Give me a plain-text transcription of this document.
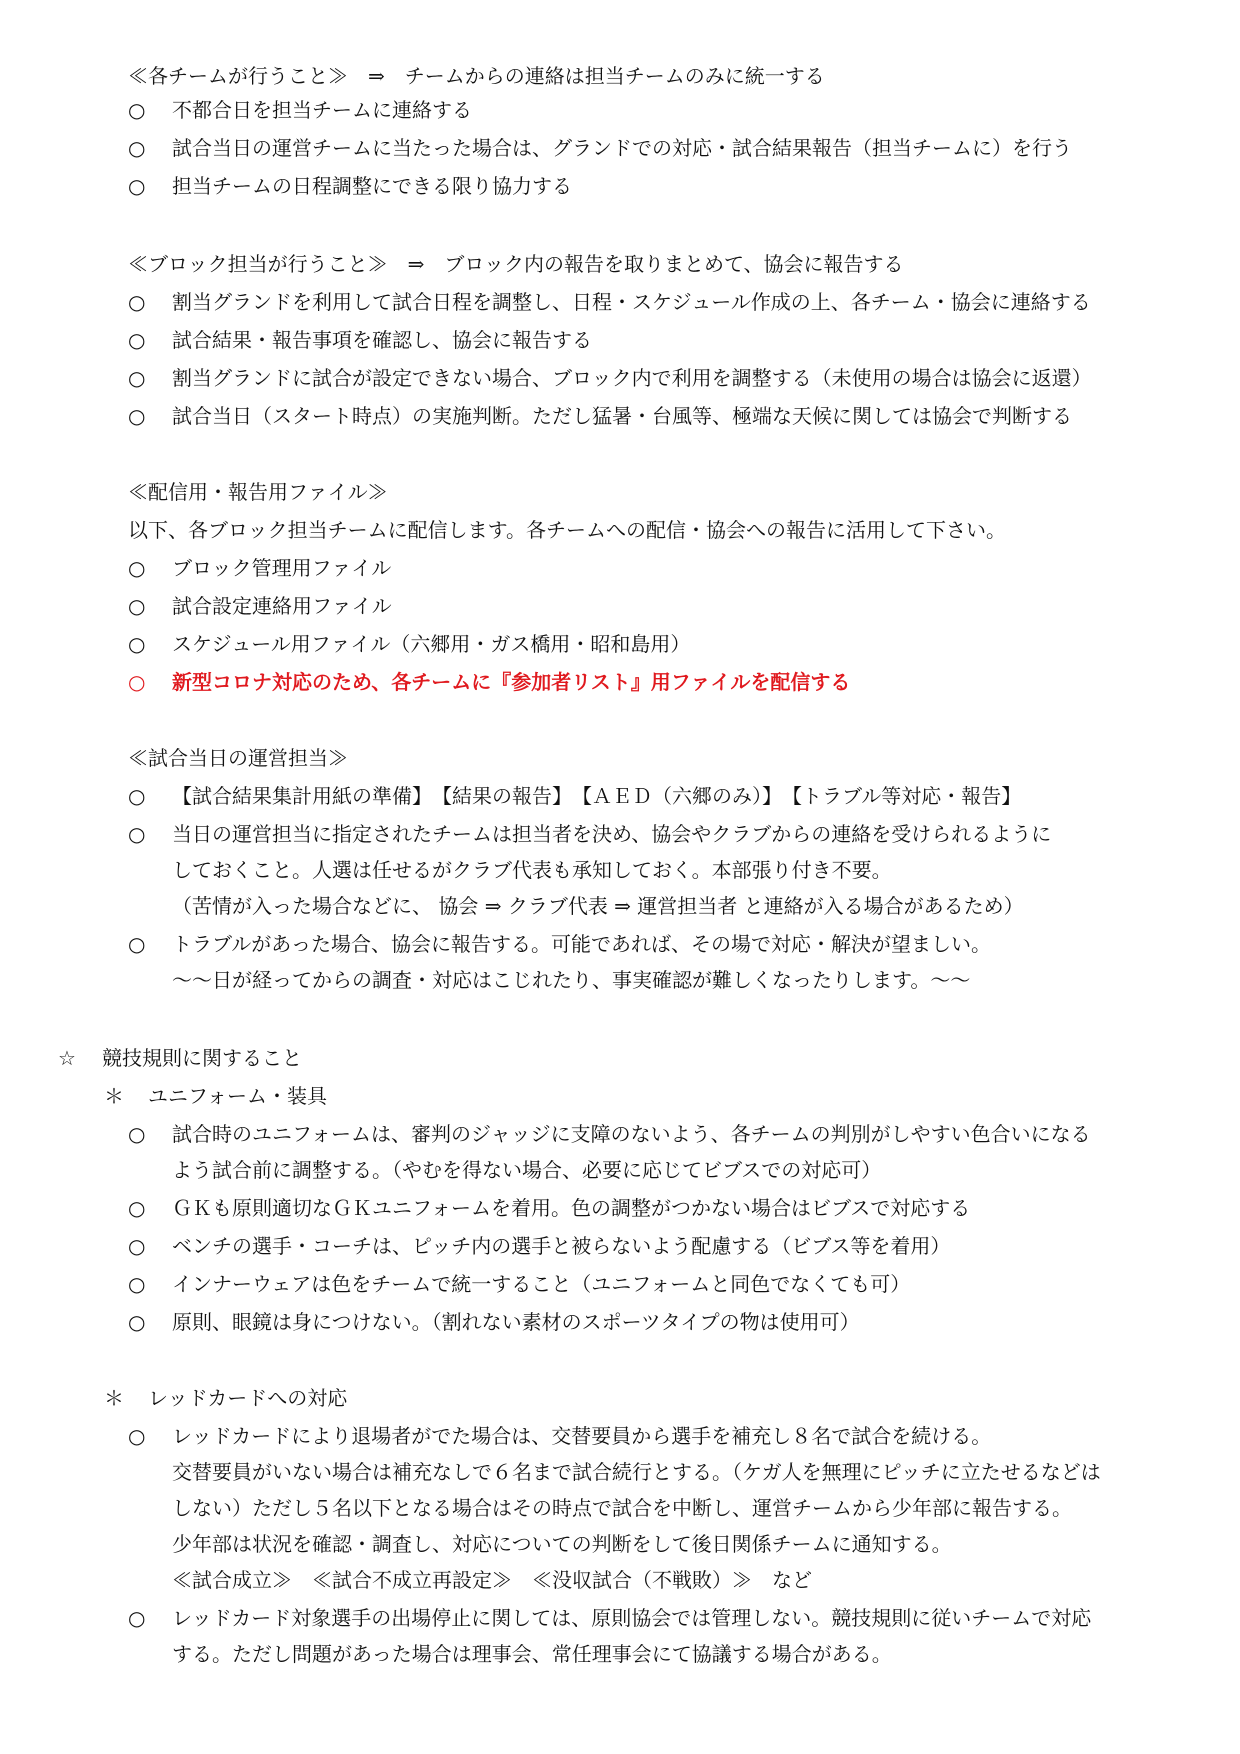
≪各チームが行うこと≫　⇒　チームからの連絡は担当チームのみに統一する
○ 不都合日を担当チームに連絡する
○ 試合当日の運営チームに当たった場合は、グランドでの対応・試合結果報告（担当チームに）を行う
○ 担当チームの日程調整にできる限り協力する
≪ブロック担当が行うこと≫　⇒　ブロック内の報告を取りまとめて、協会に報告する
○ 割当グランドを利用して試合日程を調整し、日程・スケジュール作成の上、各チーム・協会に連絡する
○ 試合結果・報告事項を確認し、協会に報告する
○ 割当グランドに試合が設定できない場合、ブロック内で利用を調整する（未使用の場合は協会に返還）
○ 試合当日（スタート時点）の実施判断。ただし猛暑・台風等、極端な天候に関しては協会で判断する
≪配信用・報告用ファイル≫
以下、各ブロック担当チームに配信します。各チームへの配信・協会への報告に活用して下さい。
○ ブロック管理用ファイル
○ 試合設定連絡用ファイル
○ スケジュール用ファイル（六郷用・ガス橋用・昭和島用）
○ 新型コロナ対応のため、各チームに『参加者リスト』用ファイルを配信する
≪試合当日の運営担当≫
○ 【試合結果集計用紙の準備】　【結果の報告】　【ＡＥＤ（六郷のみ）】　【トラブル等対応・報告】
○ 当日の運営担当に指定されたチームは担当者を決め、協会やクラブからの連絡を受けられるように
しておくこと。人選は任せるがクラブ代表も承知しておく。本部張り付き不要。
（苦情が入った場合などに、 協会 ⇒ クラブ代表 ⇒ 運営担当者 と連絡が入る場合があるため）
○ トラブルがあった場合、協会に報告する。可能であれば、その場で対応・解決が望ましい。
～～日が経ってからの調査・対応はこじれたり、事実確認が難しくなったりします。～～
☆ 競技規則に関すること
＊ ユニフォーム・装具
○ 試合時のユニフォームは、審判のジャッジに支障のないよう、各チームの判別がしやすい色合いになる
よう試合前に調整する。（やむを得ない場合、必要に応じてビブスでの対応可）
○ ＧＫも原則適切なＧＫユニフォームを着用。色の調整がつかない場合はビブスで対応する
○ ベンチの選手・コーチは、ピッチ内の選手と被らないよう配慮する（ビブス等を着用）
○ インナーウェアは色をチームで統一すること（ユニフォームと同色でなくても可）
○ 原則、眼鏡は身につけない。（割れない素材のスポーツタイプの物は使用可）
＊ レッドカードへの対応
○ レッドカードにより退場者がでた場合は、交替要員から選手を補充し８名で試合を続ける。
交替要員がいない場合は補充なしで６名まで試合続行とする。（ケガ人を無理にピッチに立たせるなどは
しない）ただし５名以下となる場合はその時点で試合を中断し、運営チームから少年部に報告する。
少年部は状況を確認・調査し、対応についての判断をして後日関係チームに通知する。
≪試合成立≫　≪試合不成立再設定≫　≪没収試合（不戦敗）≫　など
○ レッドカード対象選手の出場停止に関しては、原則協会では管理しない。競技規則に従いチームで対応
する。ただし問題があった場合は理事会、常任理事会にて協議する場合がある。
